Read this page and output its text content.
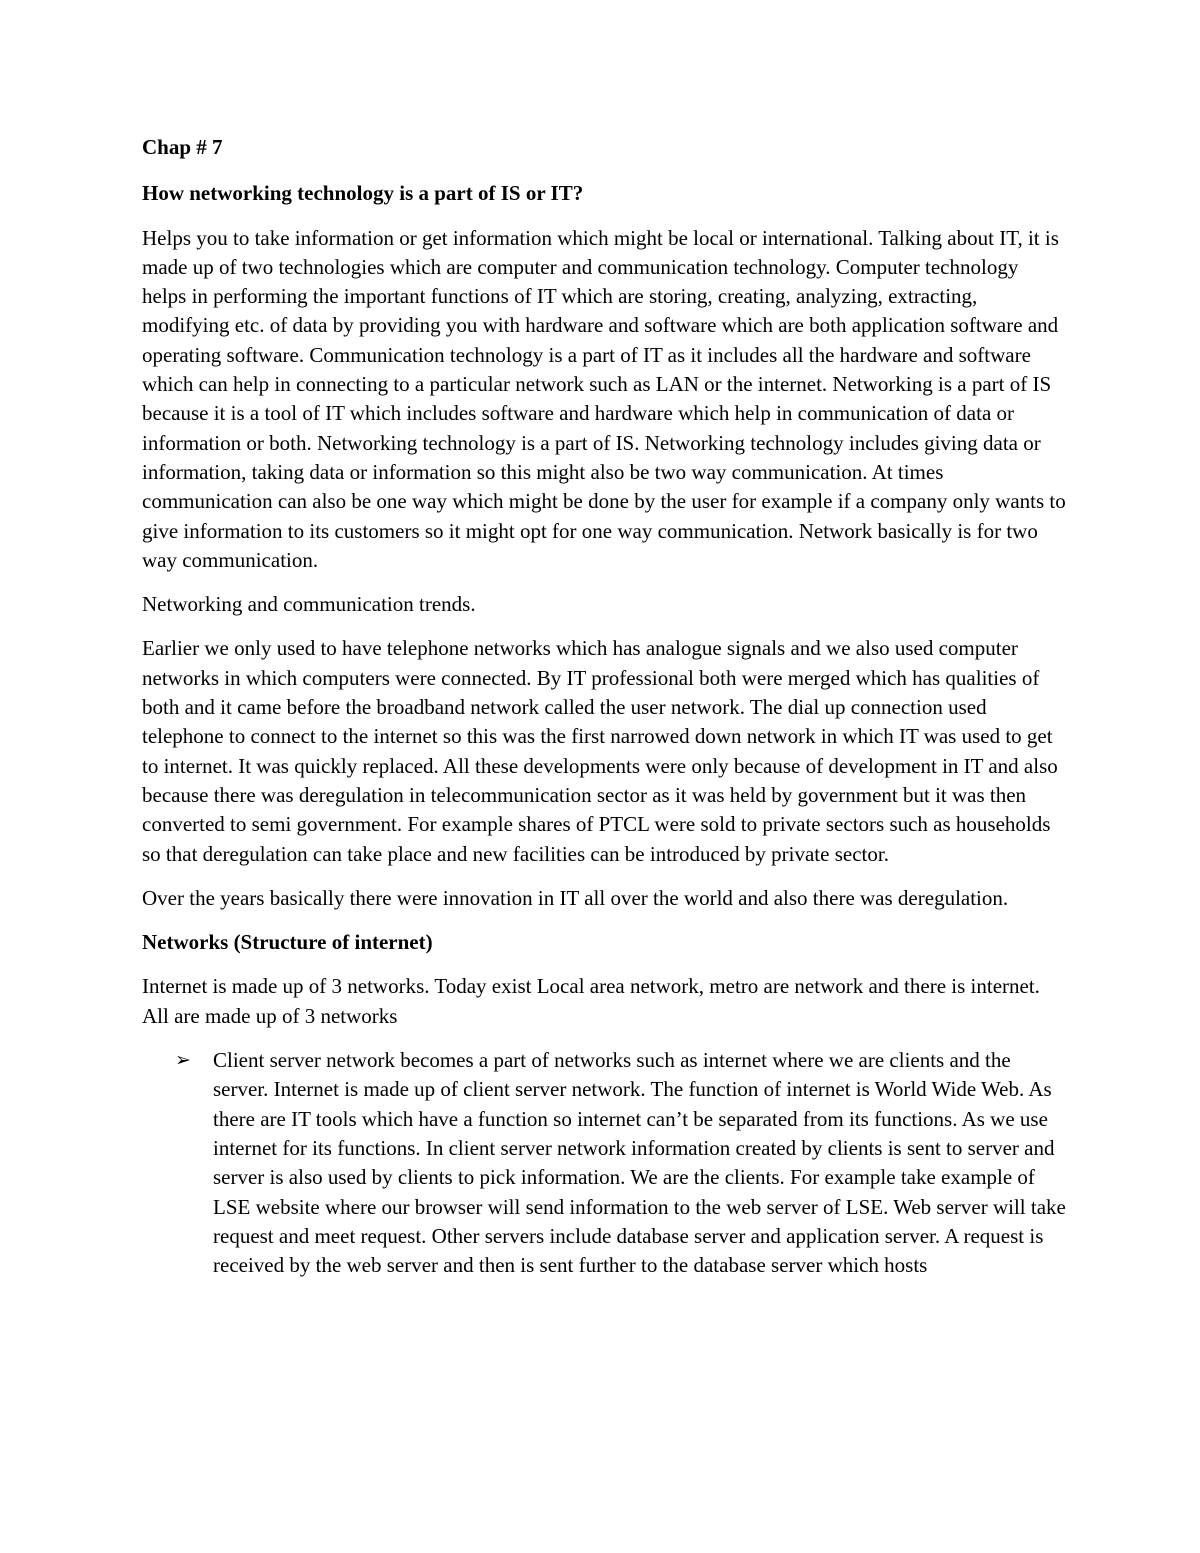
Chap # 7

How networking technology is a part of IS or IT?

Helps you to take information or get information which might be local or international. Talking about IT, it is made up of two technologies which are computer and communication technology. Computer technology helps in performing the important functions of IT which are storing, creating, analyzing, extracting, modifying etc. of data by providing you with hardware and software which are both application software and operating software. Communication technology is a part of IT as it includes all the hardware and software which can help in connecting to a particular network such as LAN or the internet. Networking is a part of IS because it is a tool of IT which includes software and hardware which help in communication of data or information or both. Networking technology is a part of IS. Networking technology includes giving data or information, taking data or information so this might also be two way communication. At times communication can also be one way which might be done by the user for example if a company only wants to give information to its customers so it might opt for one way communication. Network basically is for two way communication.

Networking and communication trends.

Earlier we only used to have telephone networks which has analogue signals and we also used computer networks in which computers were connected. By IT professional both were merged which has qualities of both and it came before the broadband network called the user network. The dial up connection used telephone to connect to the internet so this was the first narrowed down network in which IT was used to get to internet. It was quickly replaced. All these developments were only because of development in IT and also because there was deregulation in telecommunication sector as it was held by government but it was then converted to semi government. For example shares of PTCL were sold to private sectors such as households so that deregulation can take place and new facilities can be introduced by private sector.

Over the years basically there were innovation in IT all over the world and also there was deregulation.

Networks (Structure of internet)

Internet is made up of 3 networks. Today exist Local area network, metro are network and there is internet. All are made up of 3 networks

➢ Client server network becomes a part of networks such as internet where we are clients and the server. Internet is made up of client server network. The function of internet is World Wide Web. As there are IT tools which have a function so internet can’t be separated from its functions. As we use internet for its functions. In client server network information created by clients is sent to server and server is also used by clients to pick information. We are the clients. For example take example of LSE website where our browser will send information to the web server of LSE. Web server will take request and meet request. Other servers include database server and application server. A request is received by the web server and then is sent further to the database server which hosts
